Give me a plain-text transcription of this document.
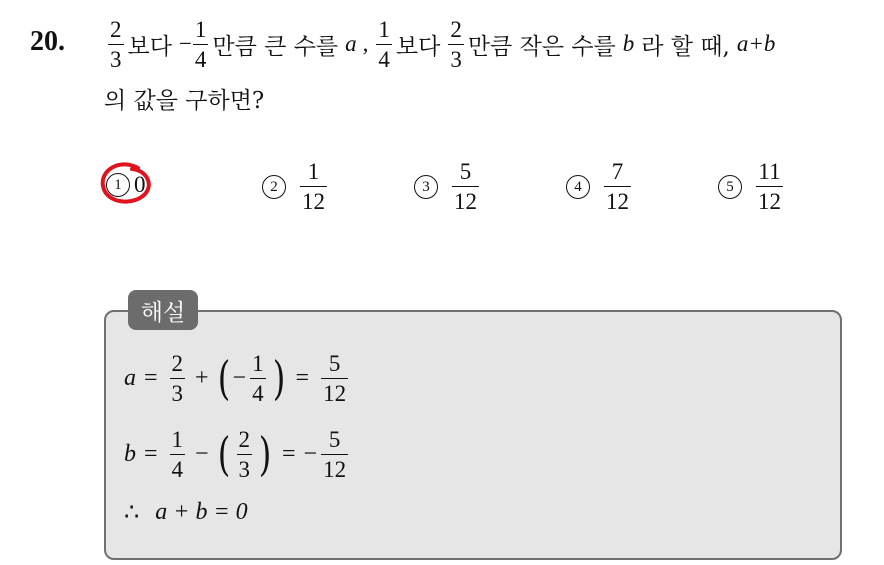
20. $\frac{2}{3}$ 보다 − $\frac{1}{4}$ 만큼 큰 수를 a , $\frac{1}{4}$ 보다 $\frac{2}{3}$ 만큼 작은 수를 b 라 할 때, a+b
의 값을 구하면?
1 0	$2 \frac{1}{12}$	$3 \frac{5}{12}$	$4 \frac{7}{12}$	$5 \frac{11}{12}$
해설
$a = \frac{2}{3}$ + ( − $\frac{1}{4}$ ) = $\frac{5}{12}$
$b = \frac{1}{4}$ − ( $\frac{2}{3}$ ) = − $\frac{5}{12}$
∴ a + b = 0
